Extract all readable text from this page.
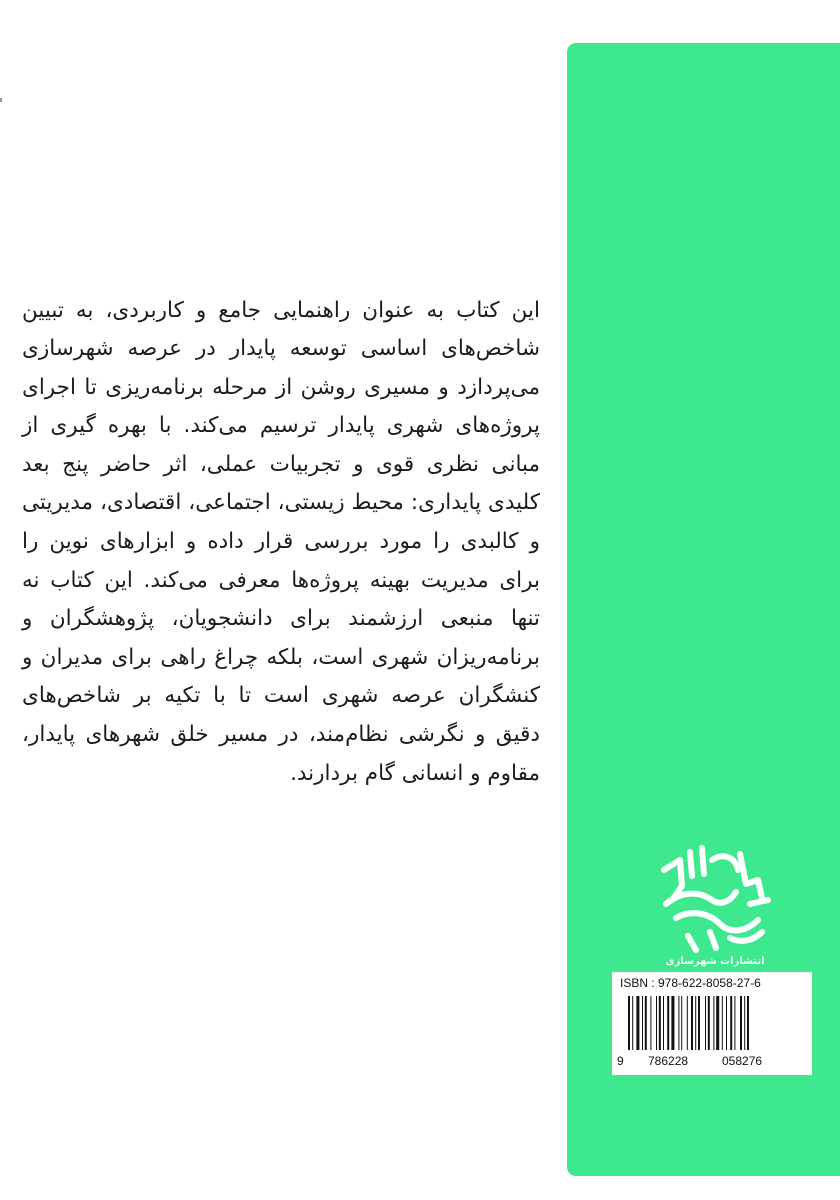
این کتاب به عنوان راهنمایی جامع و کاربردی، به تبیین شاخص‌های اساسی توسعه پایدار در عرصه شهرسازی می‌پردازد و مسیری روشن از مرحله برنامه‌ریزی تا اجرای پروژه‌های شهری پایدار ترسیم می‌کند. با بهره گیری از مبانی نظری قوی و تجربیات عملی، اثر حاضر پنج بعد کلیدی پایداری: محیط زیستی، اجتماعی، اقتصادی، مدیریتی و کالبدی را مورد بررسی قرار داده و ابزارهای نوین را برای مدیریت بهینه پروژه‌ها معرفی می‌کند. این کتاب نه تنها منبعی ارزشمند برای دانشجویان، پژوهشگران و برنامه‌ریزان شهری است، بلکه چراغ راهی برای مدیران و کنشگران عرصه شهری است تا با تکیه بر شاخص‌های دقیق و نگرشی نظام‌مند، در مسیر خلق شهرهای پایدار، مقاوم و انسانی گام بردارند.

انتشارات شهرسازی
ISBN : 978-622-8058-27-6
9 786228	058276
